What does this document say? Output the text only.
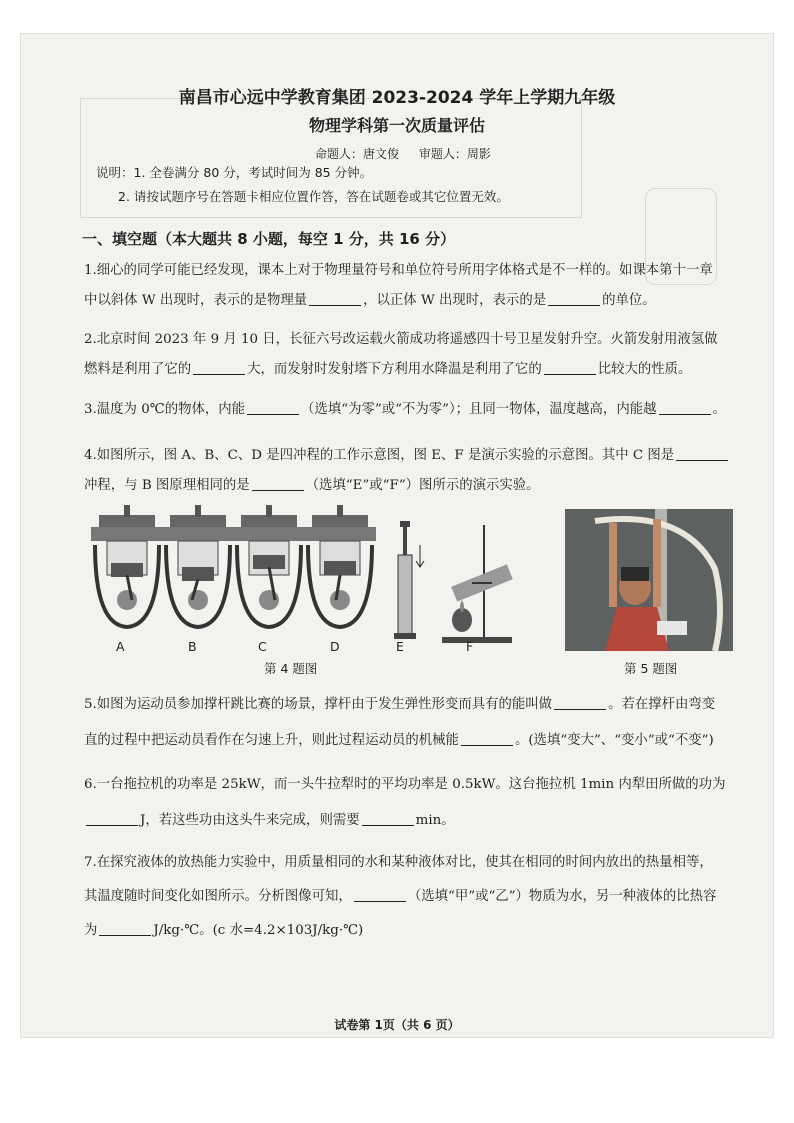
南昌市心远中学教育集团 2023-2024 学年上学期九年级
物理学科第一次质量评估
命题人：唐文俊 审题人：周影
说明：1. 全卷满分 80 分，考试时间为 85 分钟。
2. 请按试题序号在答题卡相应位置作答，答在试题卷或其它位置无效。
一、填空题（本大题共 8 小题，每空 1 分，共 16 分）
1.细心的同学可能已经发现，课本上对于物理量符号和单位符号所用字体格式是不一样的。如课本第十一章
中以斜体 W 出现时，表示的是物理量	，以正体 W 出现时，表示的是	的单位。
2.北京时间 2023 年 9 月 10 日，长征六号改运载火箭成功将遥感四十号卫星发射升空。火箭发射用液氢做
燃料是利用了它的	大，而发射时发射塔下方利用水降温是利用了它的	比较大的性质。
3.温度为 0℃的物体，内能	（选填“为零”或“不为零”）；且同一物体，温度越高，内能越	。
4.如图所示，图 A、B、C、D 是四冲程的工作示意图，图 E、F 是演示实验的示意图。其中 C 图是
冲程，与 B 图原理相同的是	（选填“E”或“F”）图所示的演示实验。
A	B	C	D	E	F
第 4 题图	第 5 题图
5.如图为运动员参加撑杆跳比赛的场景，撑杆由于发生弹性形变而具有的能叫做	。若在撑杆由弯变
直的过程中把运动员看作在匀速上升，则此过程运动员的机械能	。(选填“变大”、“变小”或“不变”)
6.一台拖拉机的功率是 25kW，而一头牛拉犁时的平均功率是 0.5kW。这台拖拉机 1min 内犁田所做的功为
J，若这些功由这头牛来完成，则需要	min。
7.在探究液体的放热能力实验中，用质量相同的水和某种液体对比，使其在相同的时间内放出的热量相等，
其温度随时间变化如图所示。分析图像可知，	（选填“甲”或“乙”）物质为水，另一种液体的比热容
为	J/kg·℃。(c 水=4.2×103J/kg·℃)
试卷第 1页（共 6 页）
